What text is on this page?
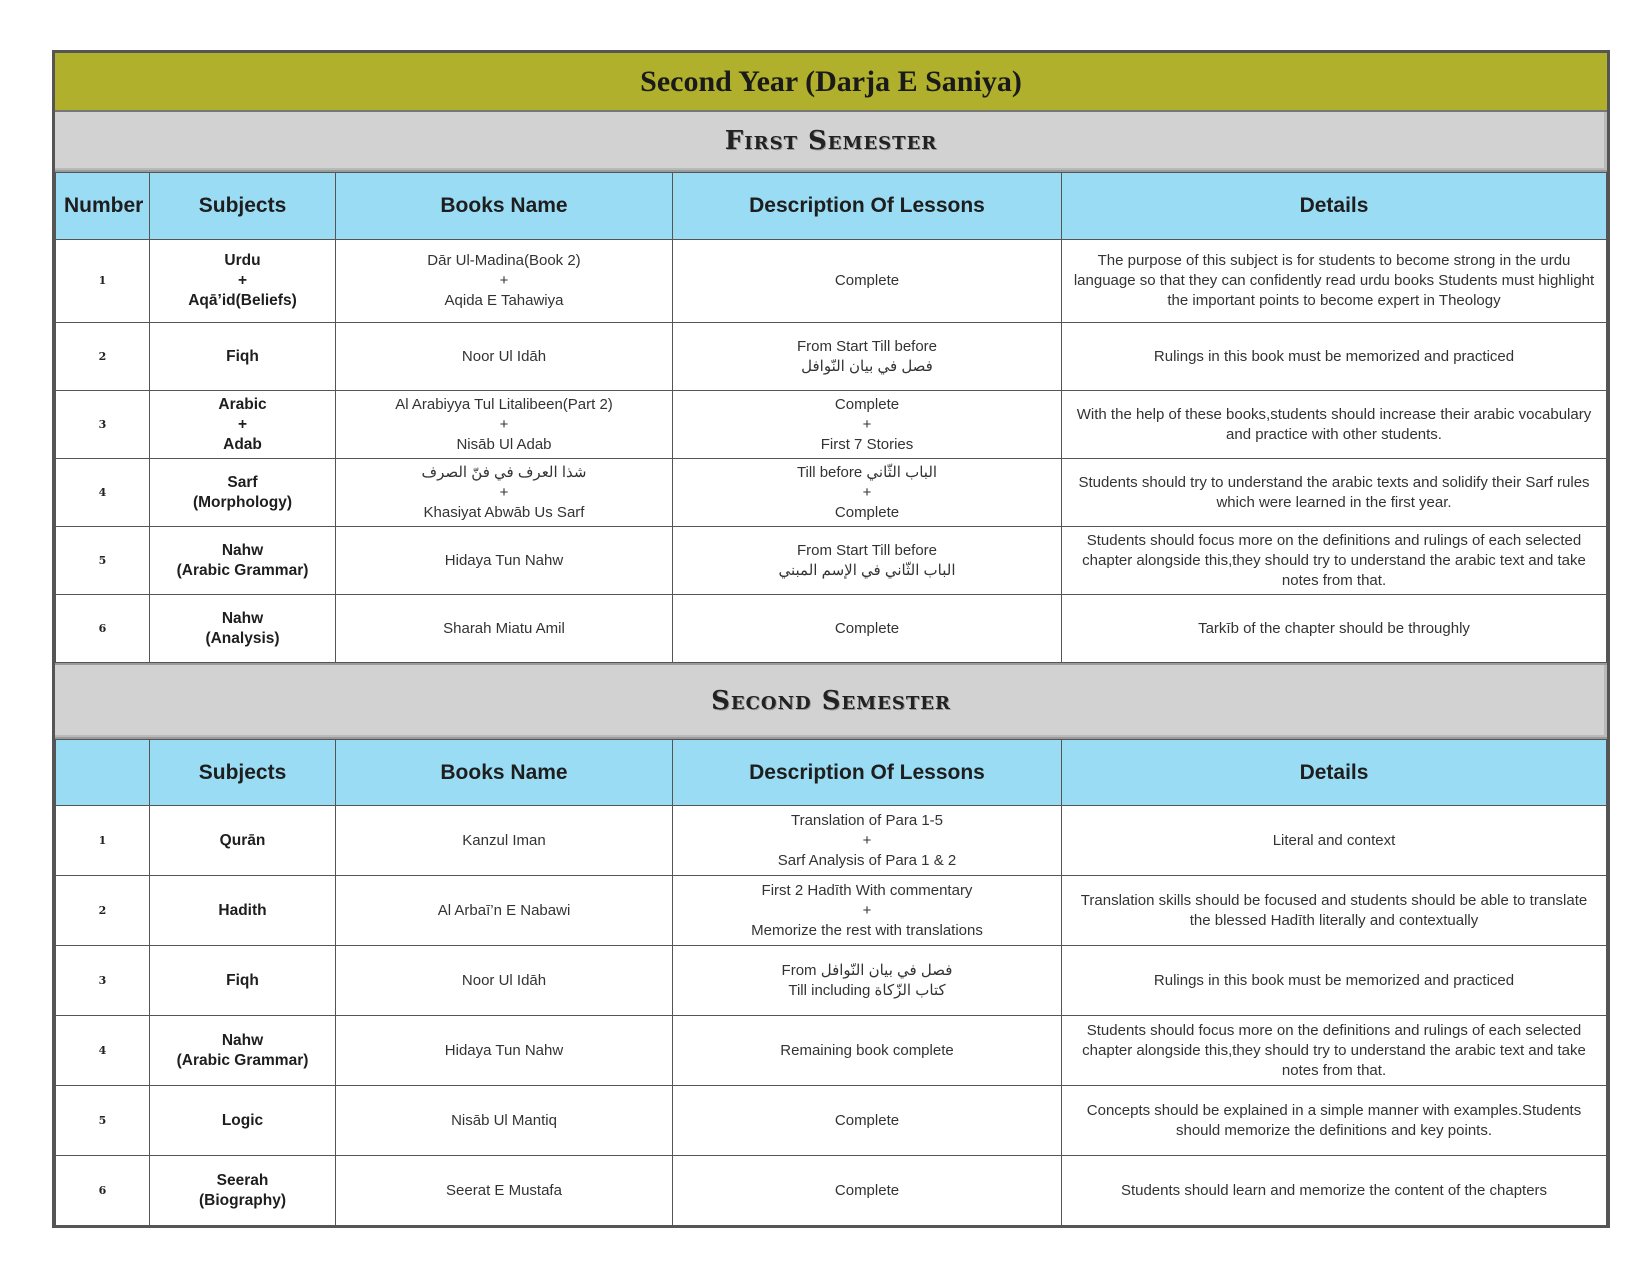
Second Year (Darja E Saniya)
First Semester
Number	Subjects	Books Name	Description Of Lessons	Details
1	Urdu
+
Aqā’id(Beliefs)	Dār Ul-Madina(Book 2)
+
Aqida E Tahawiya	Complete	The purpose of this subject is for students to become strong in the urdu language so that they can confidently read urdu books Students must highlight the important points to become expert in Theology
2	Fiqh	Noor Ul Idāh	From Start Till before
فصل في بيان النّوافل	Rulings in this book must be memorized and practiced
3	Arabic
+
Adab	Al Arabiyya Tul Litalibeen(Part 2)
+
Nisāb Ul Adab	Complete
+
First 7 Stories	With the help of these books,students should increase their arabic vocabulary and practice with other students.
4	Sarf
(Morphology)	شذا العرف في فنّ الصرف
+
Khasiyat Abwāb Us Sarf	Till before الباب الثّاني
+
Complete	Students should try to understand the arabic texts and solidify their Sarf rules which were learned in the first year.
5	Nahw
(Arabic Grammar)	Hidaya Tun Nahw	From Start Till before
الباب الثّاني في الإسم المبني	Students should focus more on the definitions and rulings of each selected chapter alongside this,they should try to understand the arabic text and take notes from that.
6	Nahw
(Analysis)	Sharah Miatu Amil	Complete	Tarkīb of the chapter should be throughly
Second Semester
	Subjects	Books Name	Description Of Lessons	Details
1	Qurān	Kanzul Iman	Translation of Para 1-5
+
Sarf Analysis of Para 1 & 2	Literal and context
2	Hadith	Al Arbaī’n E Nabawi	First 2 Hadīth With commentary
+
Memorize the rest with translations	Translation skills should be focused and students should be able to translate the blessed Hadīth literally and contextually
3	Fiqh	Noor Ul Idāh	From فصل في بيان النّوافل
Till including كتاب الزّكاة	Rulings in this book must be memorized and practiced
4	Nahw
(Arabic Grammar)	Hidaya Tun Nahw	Remaining book complete	Students should focus more on the definitions and rulings of each selected chapter alongside this,they should try to understand the arabic text and take notes from that.
5	Logic	Nisāb Ul Mantiq	Complete	Concepts should be explained in a simple manner with examples.Students should memorize the definitions and key points.
6	Seerah
(Biography)	Seerat E Mustafa	Complete	Students should learn and memorize the content of the chapters
